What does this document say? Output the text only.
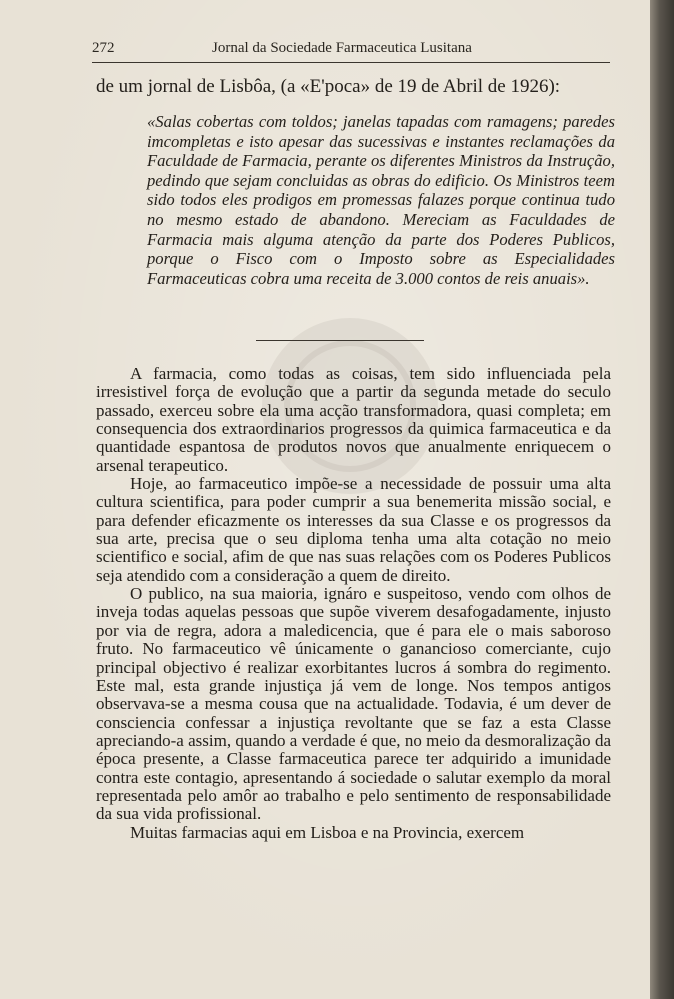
272	Jornal da Sociedade Farmaceutica Lusitana
de um jornal de Lisbôa, (a «E'poca» de 19 de Abril de 1926):
«Salas cobertas com toldos; janelas tapadas com ramagens; paredes imcompletas e isto apesar das sucessivas e instantes reclamações da Faculdade de Farmacia, perante os diferentes Ministros da Instrução, pedindo que sejam concluidas as obras do edificio. Os Ministros teem sido todos eles prodigos em promessas falazes porque continua tudo no mesmo estado de abandono. Mereciam as Faculdades de Farmacia mais alguma atenção da parte dos Poderes Publicos, porque o Fisco com o Imposto sobre as Especialidades Farmaceuticas cobra uma receita de 3.000 contos de reis anuais».

A farmacia, como todas as coisas, tem sido influenciada pela irresistivel força de evolução que a partir da segunda metade do seculo passado, exerceu sobre ela uma acção transformadora, quasi completa; em consequencia dos extraordinarios progressos da quimica farmaceutica e da quantidade espantosa de produtos novos que anualmente enriquecem o arsenal terapeutico.

Hoje, ao farmaceutico impõe-se a necessidade de possuir uma alta cultura scientifica, para poder cumprir a sua benemerita missão social, e para defender eficazmente os interesses da sua Classe e os progressos da sua arte, precisa que o seu diploma tenha uma alta cotação no meio scientifico e social, afim de que nas suas relações com os Poderes Publicos seja atendido com a consideração a quem de direito.

O publico, na sua maioria, ignáro e suspeitoso, vendo com olhos de inveja todas aquelas pessoas que supõe viverem desafogadamente, injusto por via de regra, adora a maledicencia, que é para ele o mais saboroso fruto. No farmaceutico vê únicamente o ganancioso comerciante, cujo principal objectivo é realizar exorbitantes lucros á sombra do regimento. Este mal, esta grande injustiça já vem de longe. Nos tempos antigos observava-se a mesma cousa que na actualidade. Todavia, é um dever de consciencia confessar a injustiça revoltante que se faz a esta Classe apreciando-a assim, quando a verdade é que, no meio da desmoralização da época presente, a Classe farmaceutica parece ter adquirido a imunidade contra este contagio, apresentando á sociedade o salutar exemplo da moral representada pelo amôr ao trabalho e pelo sentimento de responsabilidade da sua vida profissional.

Muitas farmacias aqui em Lisboa e na Provincia, exercem
